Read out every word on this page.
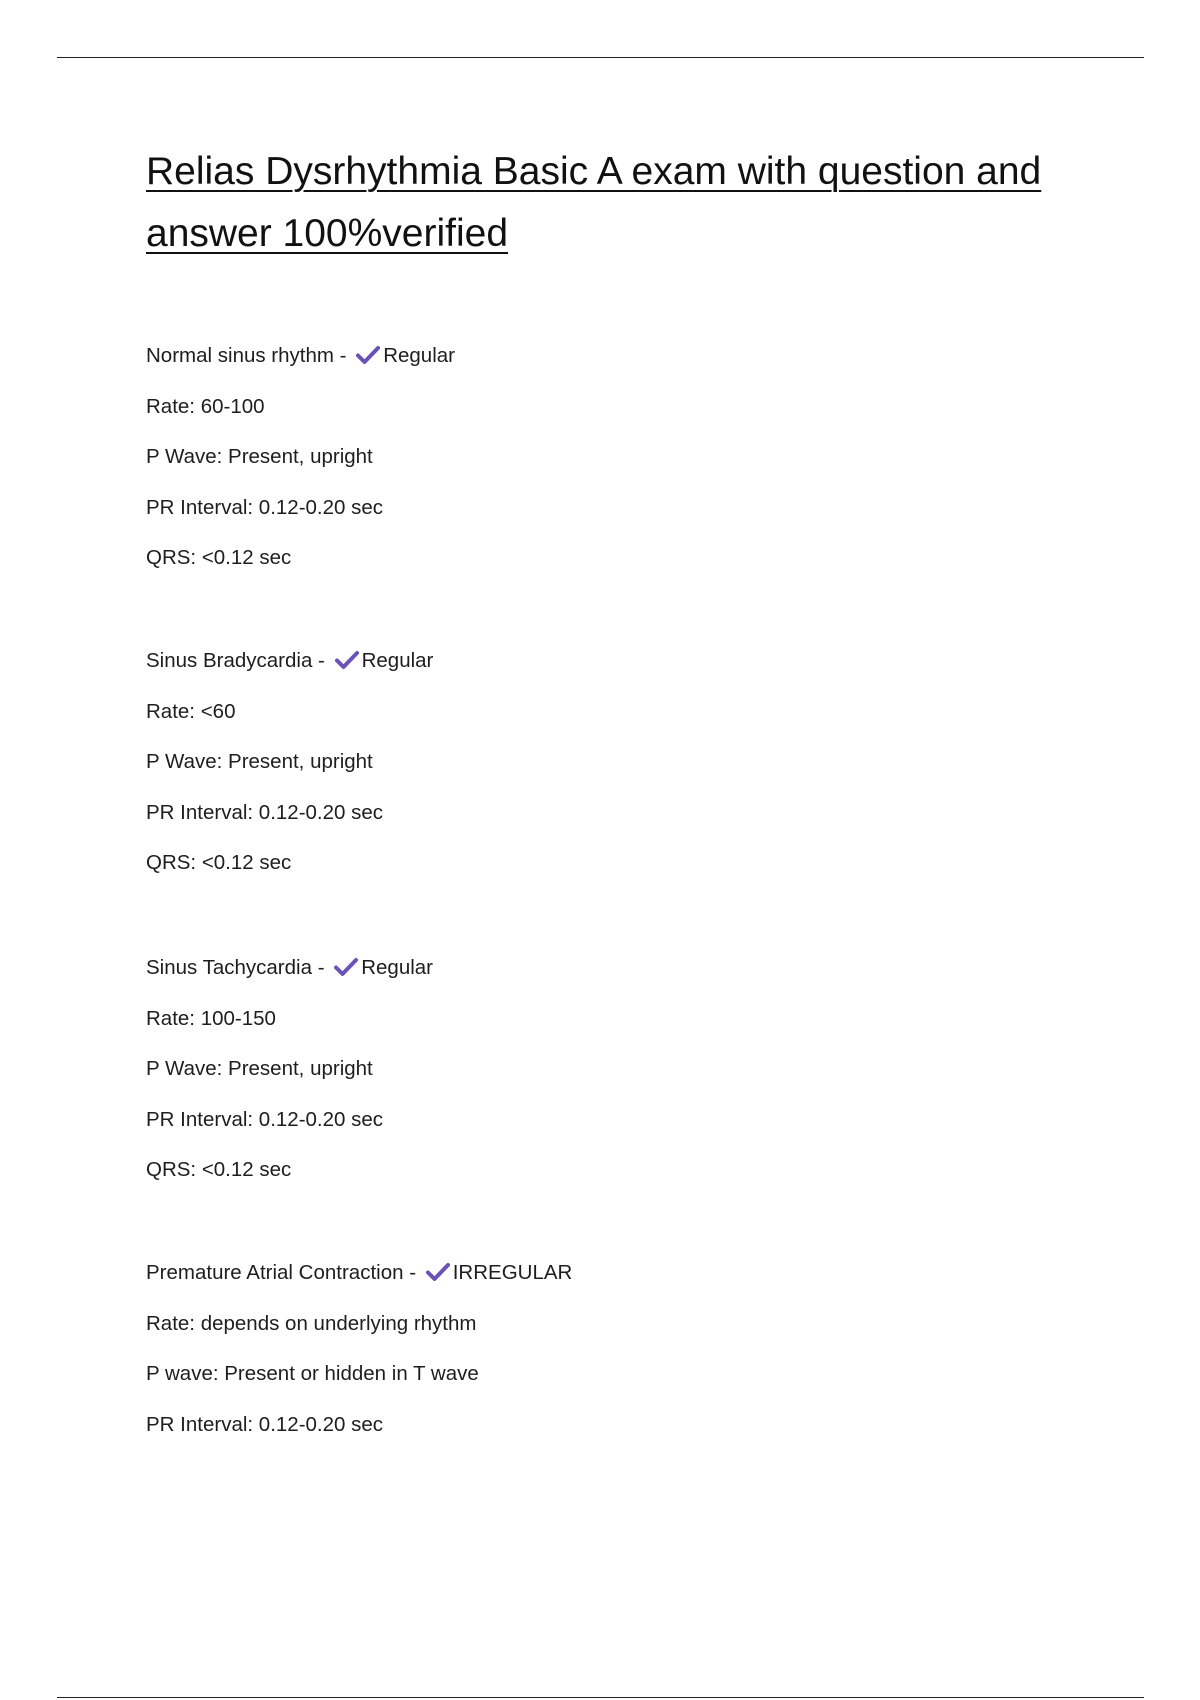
Relias Dysrhythmia Basic A exam with question and answer 100%verified
Normal sinus rhythm - Regular
Rate: 60-100
P Wave: Present, upright
PR Interval: 0.12-0.20 sec
QRS: <0.12 sec
Sinus Bradycardia - Regular
Rate: <60
P Wave: Present, upright
PR Interval: 0.12-0.20 sec
QRS: <0.12 sec
Sinus Tachycardia - Regular
Rate: 100-150
P Wave: Present, upright
PR Interval: 0.12-0.20 sec
QRS: <0.12 sec
Premature Atrial Contraction - IRREGULAR
Rate: depends on underlying rhythm
P wave: Present or hidden in T wave
PR Interval: 0.12-0.20 sec
